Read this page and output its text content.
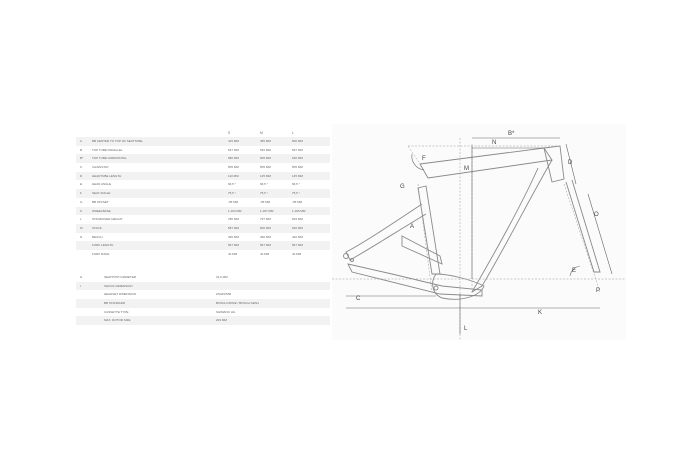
S	M	L
A	BB CENTER TO TOP OF SEATTUBE	415 MM	455 MM	500 MM
B	TOP TUBE PARALLEL	547 MM	532 MM	597 MM
B*	TOP TUBE HORIZONTAL	580 MM	605 MM	630 MM
C	CHAINSTAY	505 MM	505 MM	505 MM
D	HEADTUBE LENGTH	110 MM	125 MM	145 MM
E	HEAD ANGLE	66,5 °	66,5 °	66,5 °
F	SEAT ANGLE	75,5 °	75,5 °	75,5 °
G	BB OFFSET	-55 MM	-55 MM	-55 MM
K	WHEELBASE	1.194 MM	1.187 MM	1.195 MM
L	STANDOVER HEIGHT	780 MM	797 MM	819 MM
M	STACK	587 MM	600 MM	620 MM
N	REACH	395 MM	390 MM	440 MM
FORK LENGTH	567 MM	567 MM	567 MM
FORK RAKE	42 MM	42 MM	42 MM
H	SEATPOST DIAMETER	31,6 MM
I	SHOCK DIMENSION
HEADSET DIMENSION	ZS44/ZS56
BB STANDARD	BOSCH DRIVE / BOSCH GEN4
CASSETTE TYPE	SHIMANO HG
MAX. ROTOR SIZE	203 MM
B*
N
F
D
M
G
A
O
E
P
C
K
L
